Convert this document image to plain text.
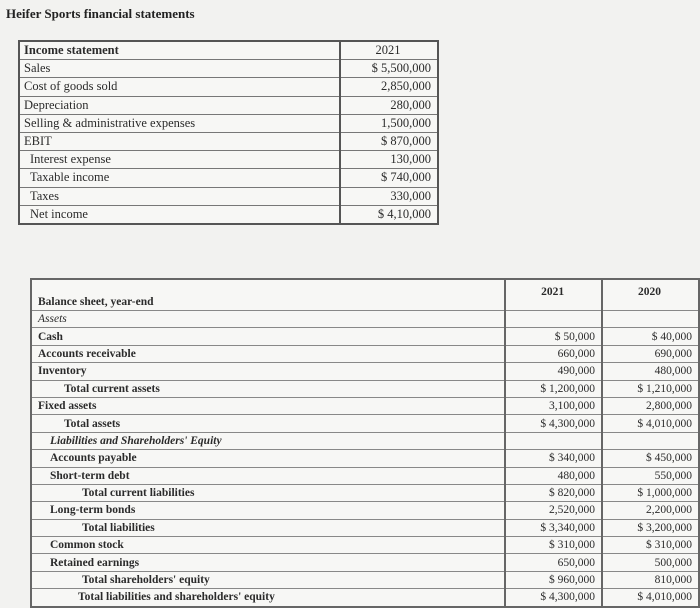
Heifer Sports financial statements
Income statement	2021
Sales	$ 5,500,000
Cost of goods sold	2,850,000
Depreciation	280,000
Selling & administrative expenses	1,500,000
EBIT	$ 870,000
Interest expense	130,000
Taxable income	$ 740,000
Taxes	330,000
Net income	$ 4,10,000
Balance sheet, year-end	2021	2020
Assets		
Cash	$ 50,000	$ 40,000
Accounts receivable	660,000	690,000
Inventory	490,000	480,000
Total current assets	$ 1,200,000	$ 1,210,000
Fixed assets	3,100,000	2,800,000
Total assets	$ 4,300,000	$ 4,010,000
Liabilities and Shareholders' Equity		
Accounts payable	$ 340,000	$ 450,000
Short-term debt	480,000	550,000
Total current liabilities	$ 820,000	$ 1,000,000
Long-term bonds	2,520,000	2,200,000
Total liabilities	$ 3,340,000	$ 3,200,000
Common stock	$ 310,000	$ 310,000
Retained earnings	650,000	500,000
Total shareholders' equity	$ 960,000	810,000
Total liabilities and shareholders' equity	$ 4,300,000	$ 4,010,000
